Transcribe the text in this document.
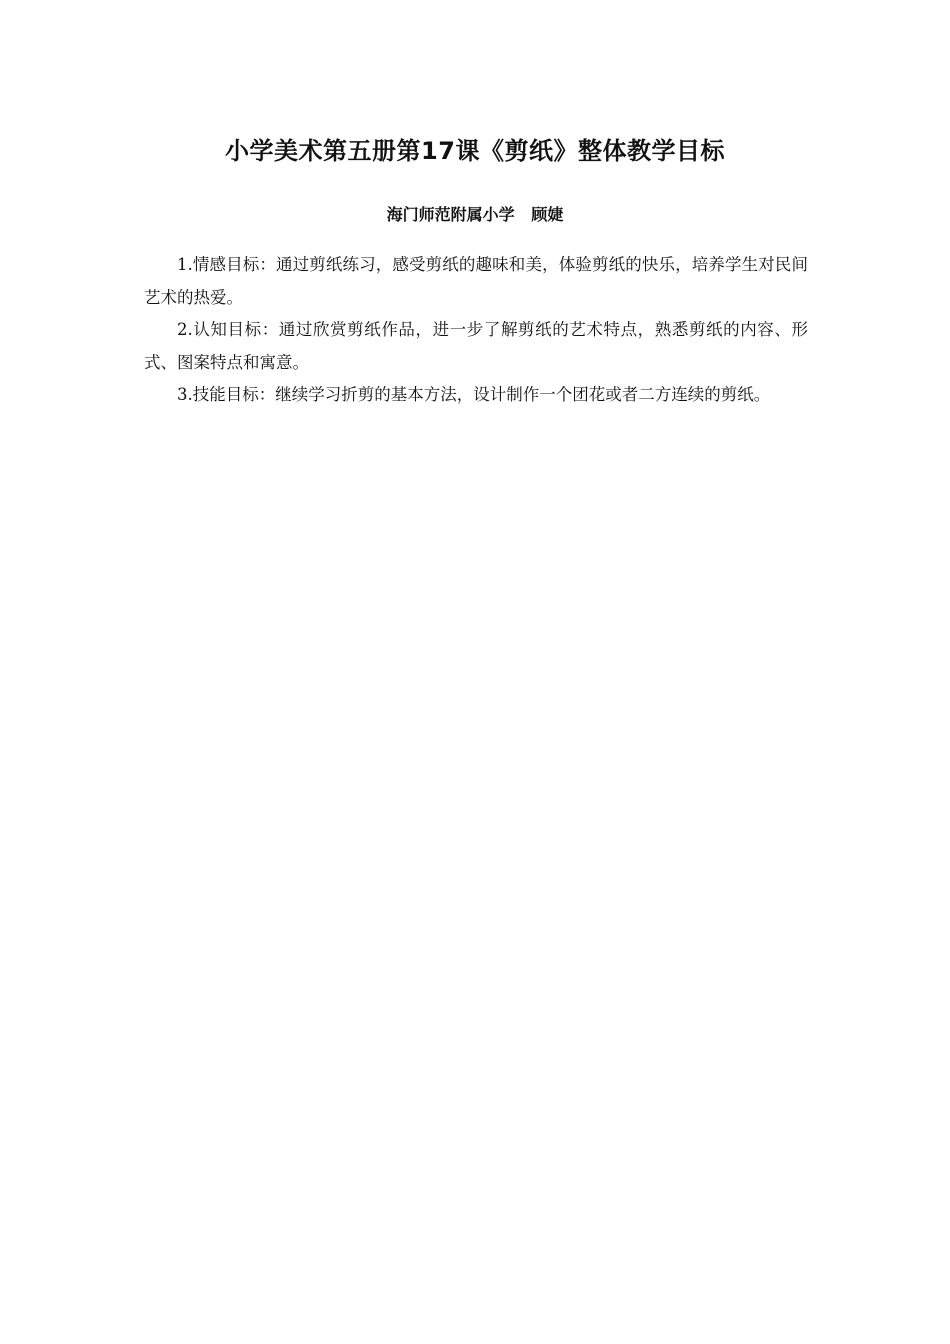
小学美术第五册第17课《剪纸》整体教学目标

海门师范附属小学   顾婕

1.情感目标：通过剪纸练习，感受剪纸的趣味和美，体验剪纸的快乐，培养学生对民间艺术的热爱。

2.认知目标：通过欣赏剪纸作品，进一步了解剪纸的艺术特点，熟悉剪纸的内容、形式、图案特点和寓意。

3.技能目标：继续学习折剪的基本方法，设计制作一个团花或者二方连续的剪纸。
